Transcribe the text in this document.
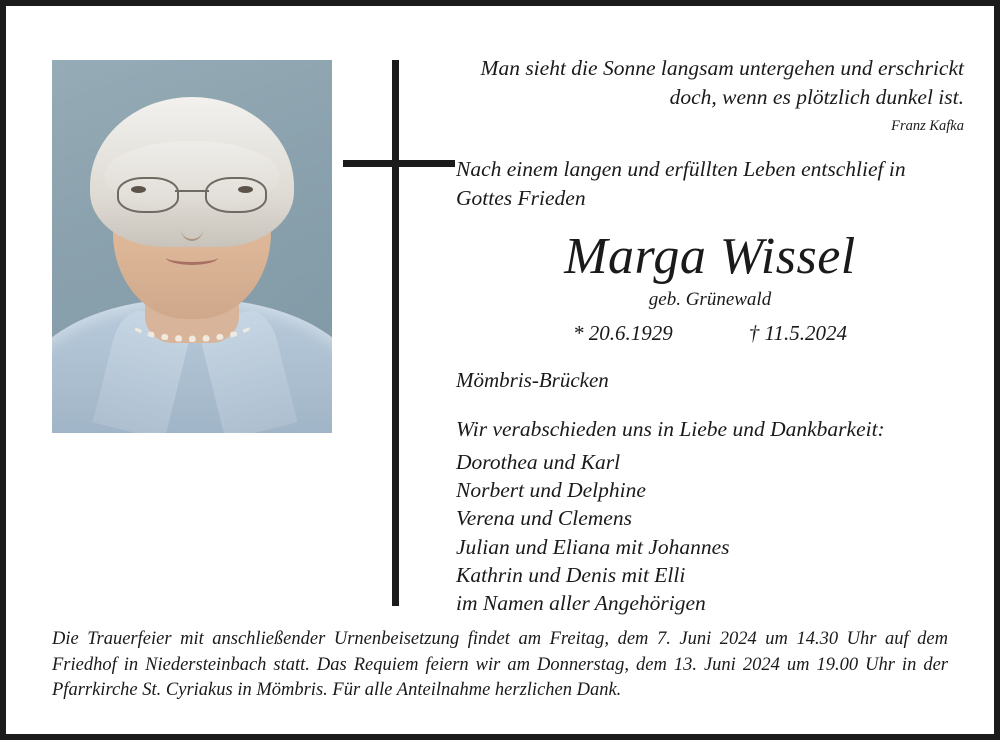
Man sieht die Sonne langsam untergehen und erschrickt doch, wenn es plötzlich dunkel ist.
Franz Kafka
Nach einem langen und erfüllten Leben entschlief in Gottes Frieden
Marga Wissel
geb. Grünewald
* 20.6.1929	† 11.5.2024
Mömbris-Brücken
Wir verabschieden uns in Liebe und Dankbarkeit:
Dorothea und Karl
Norbert und Delphine
Verena und Clemens
Julian und Eliana mit Johannes
Kathrin und Denis mit Elli
im Namen aller Angehörigen
Die Trauerfeier mit anschließender Urnenbeisetzung findet am Freitag, dem 7. Juni 2024 um 14.30 Uhr auf dem Friedhof in Niedersteinbach statt. Das Requiem feiern wir am Donnerstag, dem 13. Juni 2024 um 19.00 Uhr in der Pfarrkirche St. Cyriakus in Mömbris. Für alle Anteilnahme herzlichen Dank.
